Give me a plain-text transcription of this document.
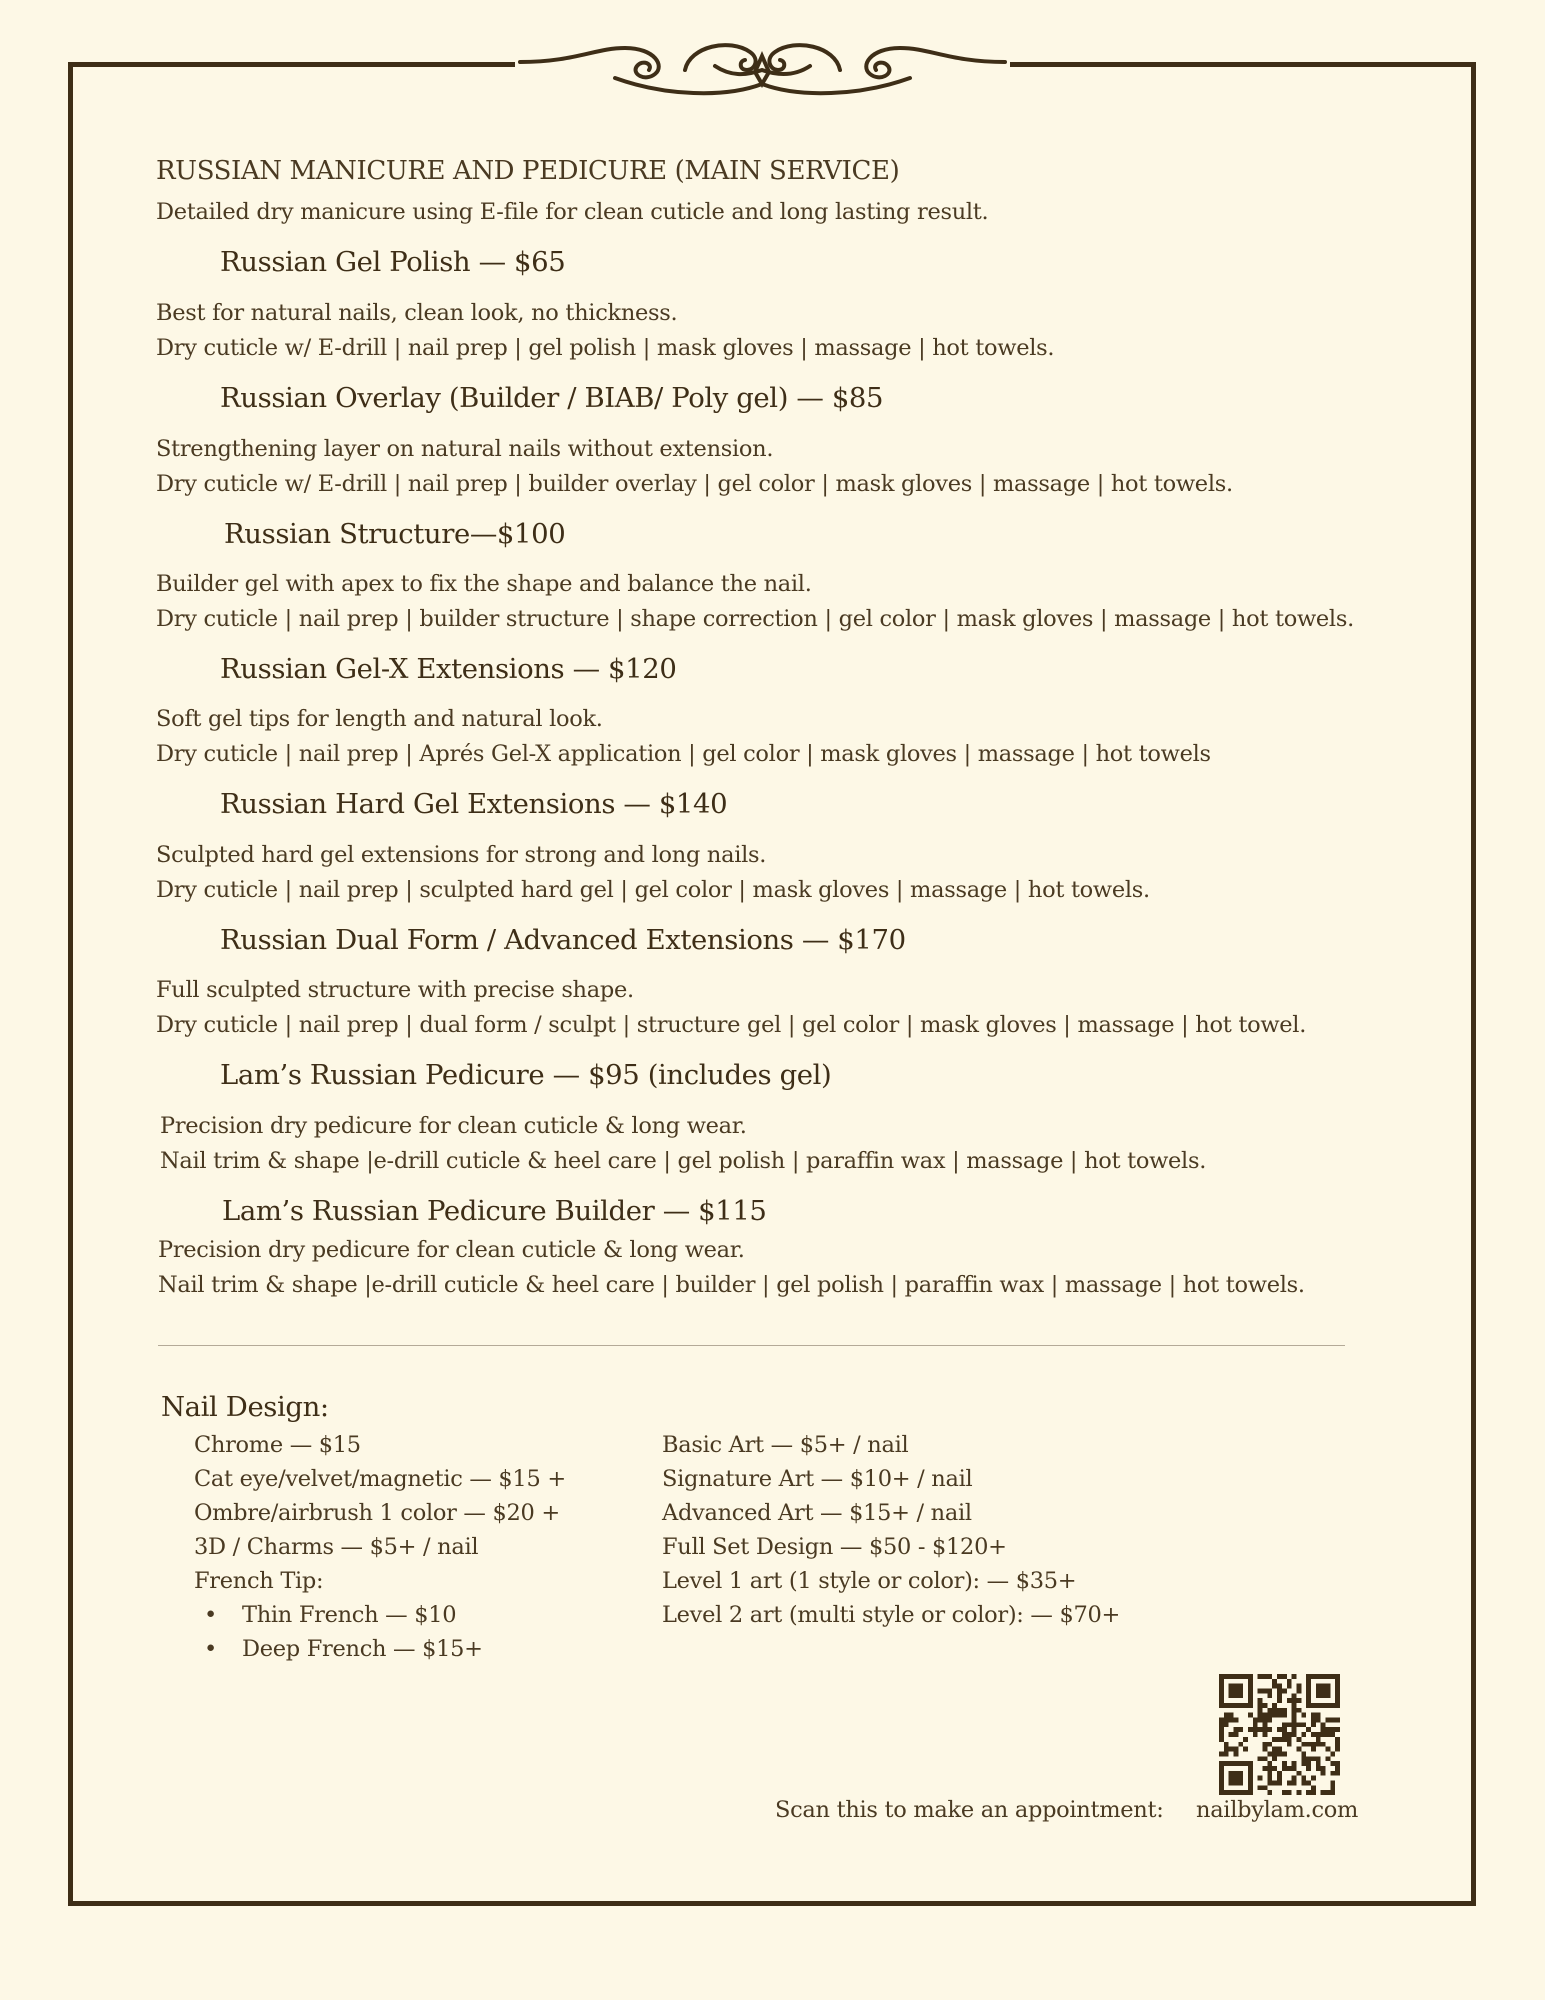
RUSSIAN MANICURE AND PEDICURE (MAIN SERVICE)
Detailed dry manicure using E-file for clean cuticle and long lasting result.
Russian Gel Polish — $65
Best for natural nails, clean look, no thickness.
Dry cuticle w/ E-drill | nail prep | gel polish | mask gloves | massage | hot towels.
Russian Overlay (Builder / BIAB/ Poly gel) — $85
Strengthening layer on natural nails without extension.
Dry cuticle w/ E-drill | nail prep | builder overlay | gel color | mask gloves | massage | hot towels.
Russian Structure—$100
Builder gel with apex to fix the shape and balance the nail.
Dry cuticle | nail prep | builder structure | shape correction | gel color | mask gloves | massage | hot towels.
Russian Gel-X Extensions — $120
Soft gel tips for length and natural look.
Dry cuticle | nail prep | Aprés Gel-X application | gel color | mask gloves | massage | hot towels
Russian Hard Gel Extensions — $140
Sculpted hard gel extensions for strong and long nails.
Dry cuticle | nail prep | sculpted hard gel | gel color | mask gloves | massage | hot towels.
Russian Dual Form / Advanced Extensions — $170
Full sculpted structure with precise shape.
Dry cuticle | nail prep | dual form / sculpt | structure gel | gel color | mask gloves | massage | hot towel.
Lam’s Russian Pedicure — $95 (includes gel)
Precision dry pedicure for clean cuticle & long wear.
Nail trim & shape |e-drill cuticle & heel care | gel polish | paraffin wax | massage | hot towels.
Lam’s Russian Pedicure Builder — $115
Precision dry pedicure for clean cuticle & long wear.
Nail trim & shape |e-drill cuticle & heel care | builder | gel polish | paraffin wax | massage | hot towels.
Nail Design:
Chrome — $15
Cat eye/velvet/magnetic — $15 +
Ombre/airbrush 1 color — $20 +
3D / Charms — $5+ / nail
French Tip:
• Thin French — $10
• Deep French — $15+
Basic Art — $5+ / nail
Signature Art — $10+ / nail
Advanced Art — $15+ / nail
Full Set Design — $50 - $120+
Level 1 art (1 style or color): — $35+
Level 2 art (multi style or color): — $70+
Scan this to make an appointment: nailbylam.com
